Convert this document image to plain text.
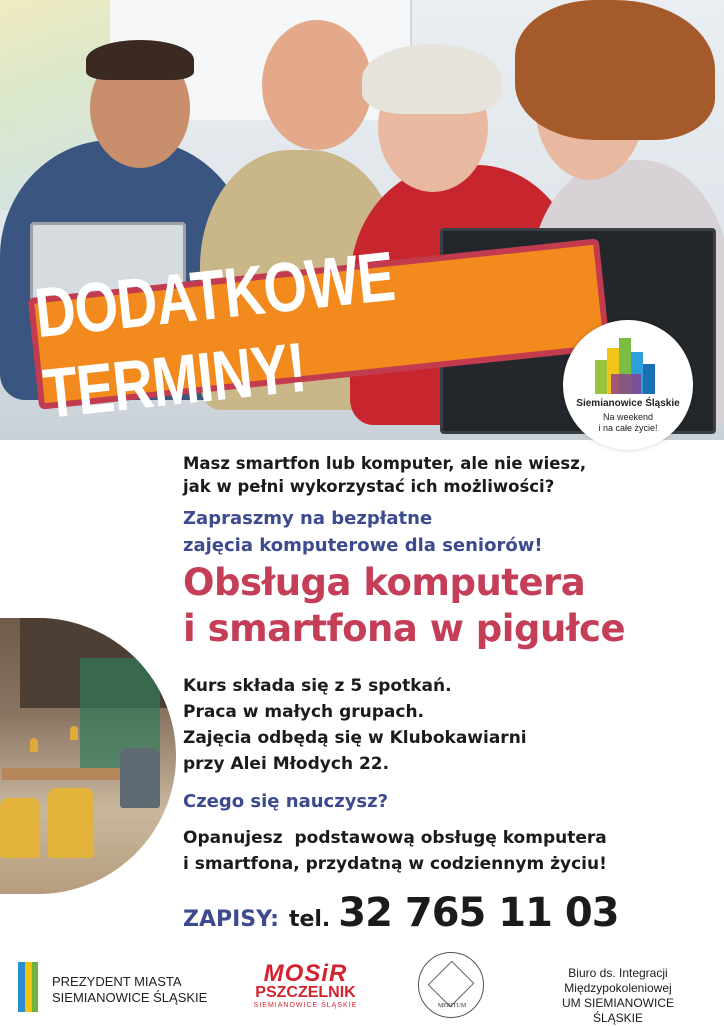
DODATKOWE TERMINY!	Siemianowice Śląskie
Na weekend
i na całe życie!
Masz smartfon lub komputer, ale nie wiesz,
jak w pełni wykorzystać ich możliwości?
Zapraszmy na bezpłatne
zajęcia komputerowe dla seniorów!
Obsługa komputera
i smartfona w pigułce
Kurs składa się z 5 spotkań.
Praca w małych grupach.
Zajęcia odbędą się w Klubokawiarni
przy Alei Młodych 22.
Czego się nauczysz?
Opanujesz  podstawową obsługę komputera
i smartfona, przydatną w codziennym życiu!
ZAPISY: tel. 32 765 11 03
PREZYDENT MIASTA
SIEMIANOWICE ŚLĄSKIE
MOSiR
PSZCZELNIK
SIEMIANOWICE ŚLĄSKIE	MERITUM
Biuro ds. Integracji
Międzypokoleniowej
UM SIEMIANOWICE ŚLĄSKIE
